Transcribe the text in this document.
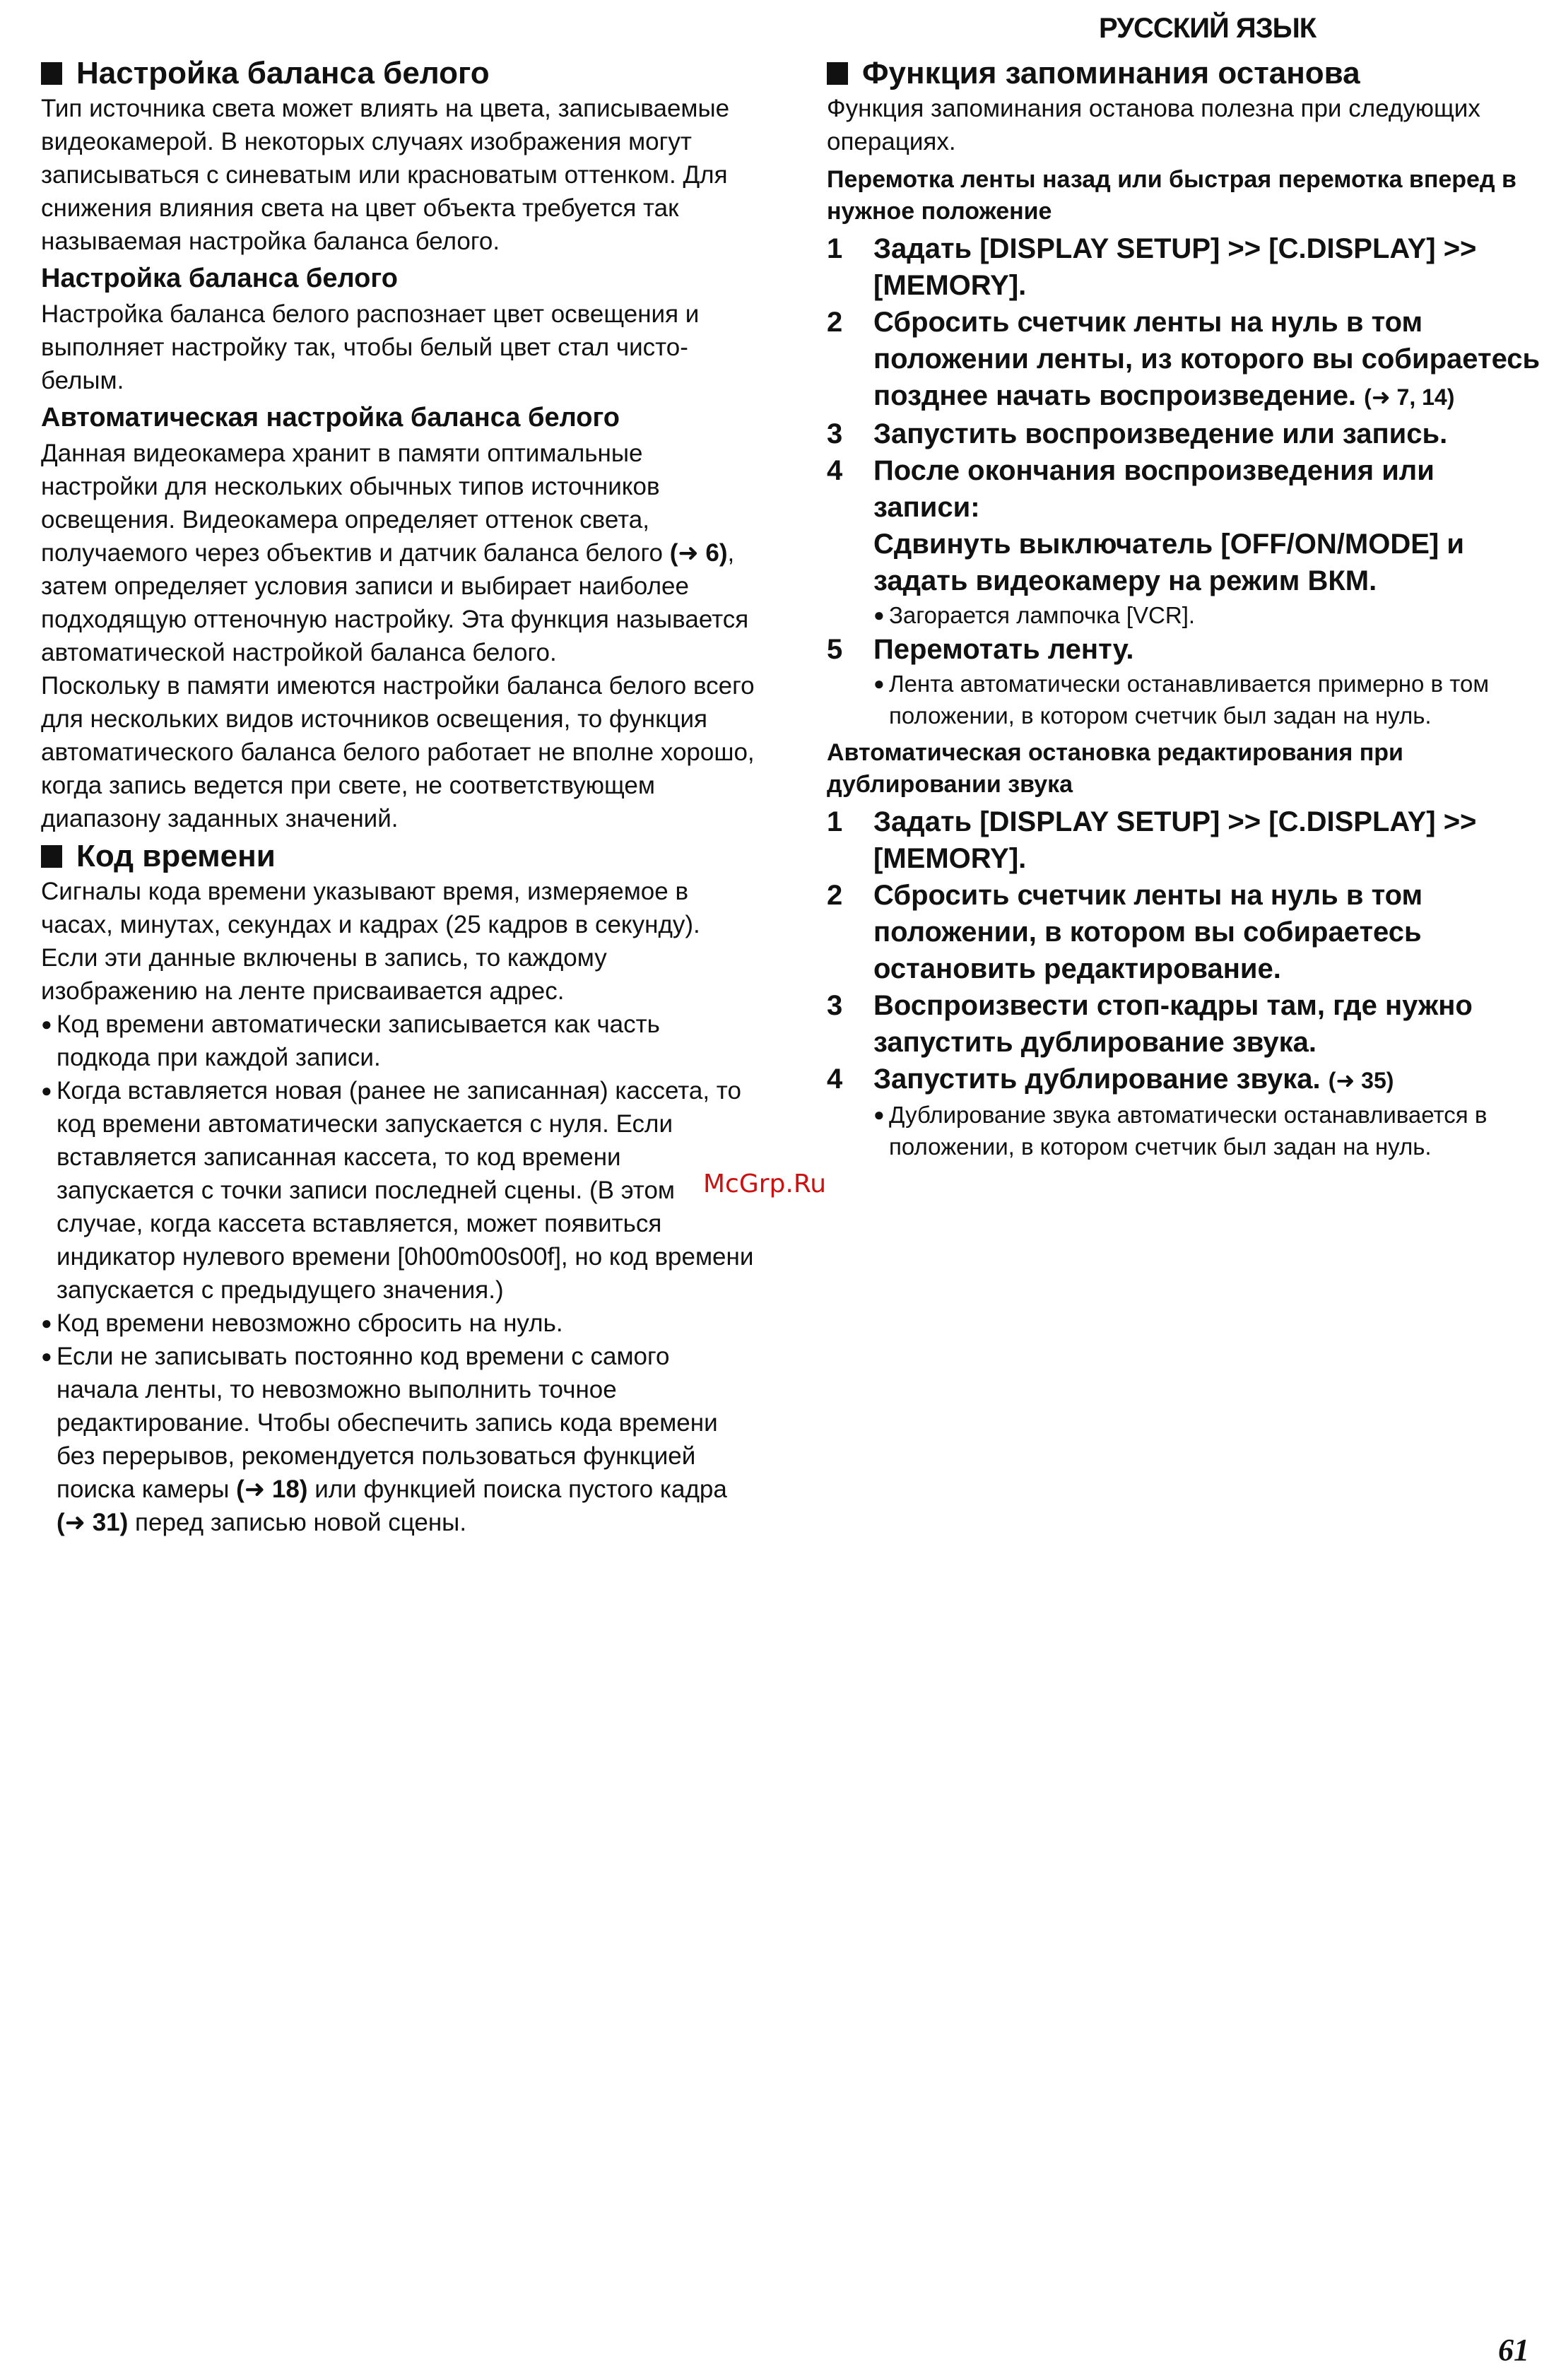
РУССКИЙ ЯЗЫК
Настройка баланса белого

Тип источника света может влиять на цвета, записываемые видеокамерой. В некоторых случаях изображения могут записываться с синеватым или красноватым оттенком. Для снижения влияния света на цвет объекта требуется так называемая настройка баланса белого.

Настройка баланса белого

Настройка баланса белого распознает цвет освещения и выполняет настройку так, чтобы белый цвет стал чисто-белым.

Автоматическая настройка баланса белого

Данная видеокамера хранит в памяти оптимальные настройки для нескольких обычных типов источников освещения. Видеокамера определяет оттенок света, получаемого через объектив и датчик баланса белого (➜ 6), затем определяет условия записи и выбирает наиболее подходящую оттеночную настройку. Эта функция называется автоматической настройкой баланса белого.

Поскольку в памяти имеются настройки баланса белого всего для нескольких видов источников освещения, то функция автоматического баланса белого работает не вполне хорошо, когда запись ведется при свете, не соответствующем диапазону заданных значений.

Код времени

Сигналы кода времени указывают время, измеряемое в часах, минутах, секундах и кадрах (25 кадров в секунду). Если эти данные включены в запись, то каждому изображению на ленте присваивается адрес.

● Код времени автоматически записывается как часть подкода при каждой записи.
● Когда вставляется новая (ранее не записанная) кассета, то код времени автоматически запускается с нуля. Если вставляется записанная кассета, то код времени запускается с точки записи последней сцены. (В этом случае, когда кассета вставляется, может появиться индикатор нулевого времени [0h00m00s00f], но код времени запускается с предыдущего значения.)
● Код времени невозможно сбросить на нуль.
● Если не записывать постоянно код времени с самого начала ленты, то невозможно выполнить точное редактирование. Чтобы обеспечить запись кода времени без перерывов, рекомендуется пользоваться функцией поиска камеры (➜ 18) или функцией поиска пустого кадра (➜ 31) перед записью новой сцены.
Функция запоминания останова

Функция запоминания останова полезна при следующих операциях.

Перемотка ленты назад или быстрая перемотка вперед в нужное положение
1	Задать [DISPLAY SETUP] >> [C.DISPLAY] >> [MEMORY].
2	Сбросить счетчик ленты на нуль в том положении ленты, из которого вы собираетесь позднее начать воспроизведение. (➜ 7, 14)
3	Запустить воспроизведение или запись.
4	После окончания воспроизведения или записи:
Сдвинуть выключатель [OFF/ON/MODE] и задать видеокамеру на режим ВКМ.
● Загорается лампочка [VCR].
5	Перемотать ленту.
● Лента автоматически останавливается примерно в том положении, в котором счетчик был задан на нуль.
Автоматическая остановка редактирования при дублировании звука
1	Задать [DISPLAY SETUP] >> [C.DISPLAY] >> [MEMORY].
2	Сбросить счетчик ленты на нуль в том положении, в котором вы собираетесь остановить редактирование.
3	Воспроизвести стоп-кадры там, где нужно запустить дублирование звука.
4	Запустить дублирование звука. (➜ 35)
● Дублирование звука автоматически останавливается в положении, в котором счетчик был задан на нуль.
McGrp.Ru
61
